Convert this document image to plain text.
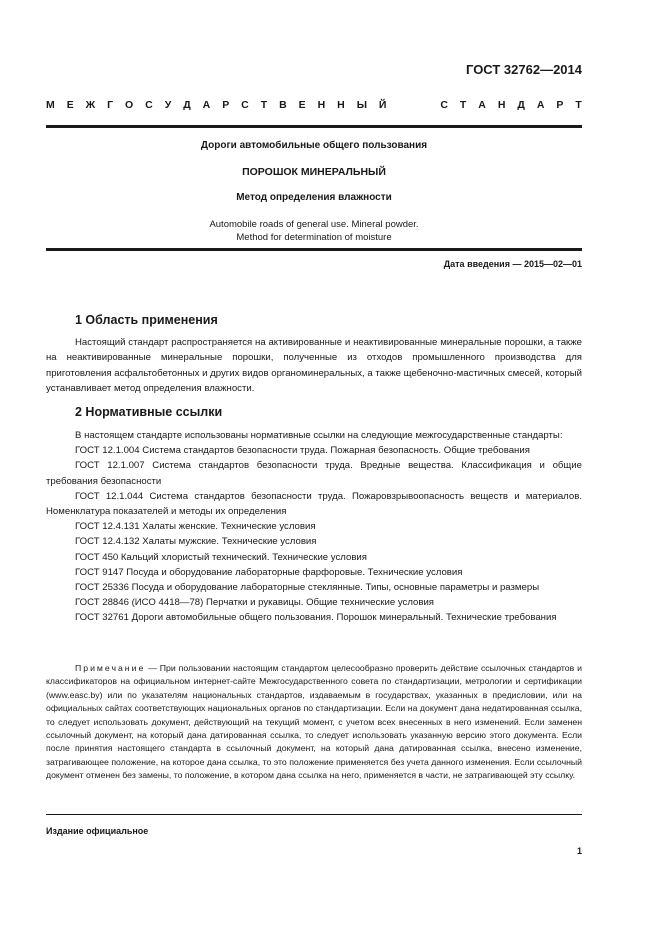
ГОСТ 32762—2014
М Е Ж Г О С У Д А Р С Т В Е Н Н Ы Й	С Т А Н Д А Р Т
Дороги автомобильные общего пользования
ПОРОШОК МИНЕРАЛЬНЫЙ
Метод определения влажности
Automobile roads of general use. Mineral powder.
Method for determination of moisture
Дата введения — 2015—02—01
1 Область применения

Настоящий стандарт распространяется на активированные и неактивированные минеральные порошки, а также на неактивированные минеральные порошки, полученные из отходов промышленного производства для приготовления асфальтобетонных и других видов органоминеральных, а также щебеночно-мастичных смесей, который устанавливает метод определения влажности.

2 Нормативные ссылки

В настоящем стандарте использованы нормативные ссылки на следующие межгосударственные стандарты:

ГОСТ 12.1.004 Система стандартов безопасности труда. Пожарная безопасность. Общие требования

ГОСТ 12.1.007 Система стандартов безопасности труда. Вредные вещества. Классификация и общие требования безопасности

ГОСТ 12.1.044 Система стандартов безопасности труда. Пожаровзрывоопасность веществ и материалов. Номенклатура показателей и методы их определения

ГОСТ 12.4.131 Халаты женские. Технические условия

ГОСТ 12.4.132 Халаты мужские. Технические условия

ГОСТ 450 Кальций хлористый технический. Технические условия

ГОСТ 9147 Посуда и оборудование лабораторные фарфоровые. Технические условия

ГОСТ 25336 Посуда и оборудование лабораторные стеклянные. Типы, основные параметры и размеры

ГОСТ 28846 (ИСО 4418—78) Перчатки и рукавицы. Общие технические условия

ГОСТ 32761 Дороги автомобильные общего пользования. Порошок минеральный. Технические требования

Примечание — При пользовании настоящим стандартом целесообразно проверить действие ссылочных стандартов и классификаторов на официальном интернет-сайте Межгосударственного совета по стандартизации, метрологии и сертификации (www.easc.by) или по указателям национальных стандартов, издаваемым в государствах, указанных в предисловии, или на официальных сайтах соответствующих национальных органов по стандартизации. Если на документ дана недатированная ссылка, то следует использовать документ, действующий на текущий момент, с учетом всех внесенных в него изменений. Если заменен ссылочный документ, на который дана датированная ссылка, то следует использовать указанную версию этого документа. Если после принятия настоящего стандарта в ссылочный документ, на который дана датированная ссылка, внесено изменение, затрагивающее положение, на которое дана ссылка, то это положение применяется без учета данного изменения. Если ссылочный документ отменен без замены, то положение, в котором дана ссылка на него, применяется в части, не затрагивающей эту ссылку.

Издание официальное
1
